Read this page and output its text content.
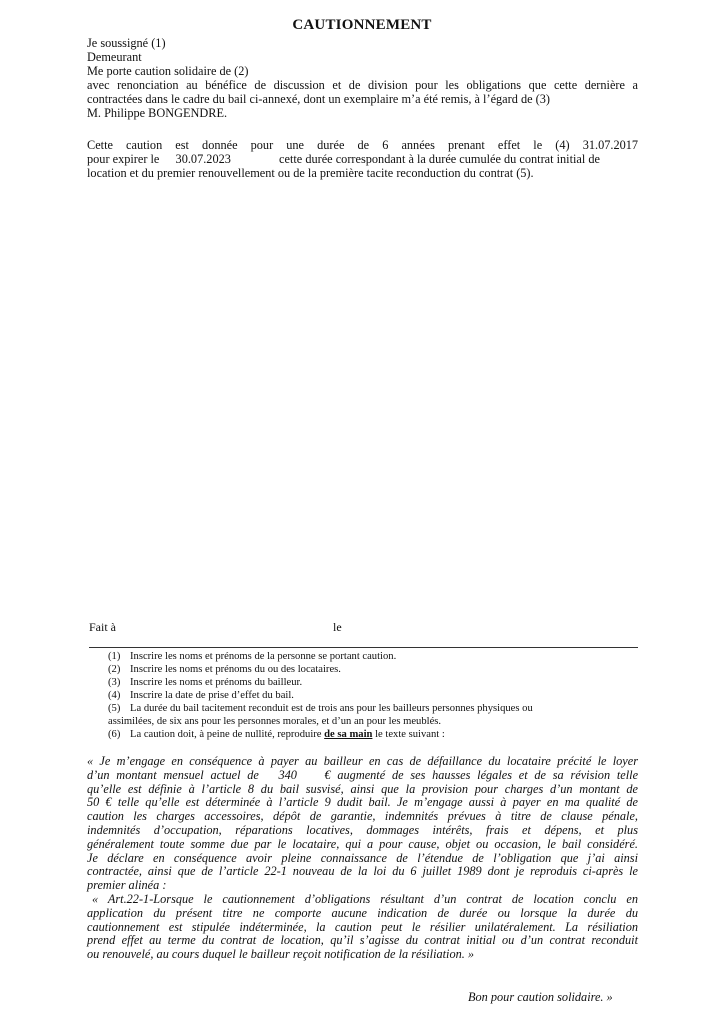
CAUTIONNEMENT
Je soussigné (1)
Demeurant
Me porte caution solidaire de (2)
avec renonciation au bénéfice de discussion et de division pour les obligations que cette dernière a
contractées dans le cadre du bail ci-annexé, dont un exemplaire m’a été remis, à l’égard de (3)
M. Philippe BONGENDRE.
Cette caution est donnée pour une durée de 6 années prenant effet le (4) 31.07.2017
pour expirer le 30.07.2023	cette durée correspondant à la durée cumulée du contrat initial de
location et du premier renouvellement ou de la première tacite reconduction du contrat (5).
Fait à	le
(1) Inscrire les noms et prénoms de la personne se portant caution.
(2) Inscrire les noms et prénoms du ou des locataires.
(3) Inscrire les noms et prénoms du bailleur.
(4) Inscrire la date de prise d’effet du bail.
(5) La durée du bail tacitement reconduit est de trois ans pour les bailleurs personnes physiques ou
assimilées, de six ans pour les personnes morales, et d’un an pour les meublés.
(6) La caution doit, à peine de nullité, reproduire de sa main le texte suivant :
« Je m’engage en conséquence à payer au bailleur en cas de défaillance du locataire précité le loyer
d’un montant mensuel actuel de 340 € augmenté de ses hausses légales et de sa révision telle
qu’elle est définie à l’article 8 du bail susvisé, ainsi que la provision pour charges d’un montant de
50 € telle qu’elle est déterminée à l’article 9 dudit bail. Je m’engage aussi à payer en ma qualité de
caution les charges accessoires, dépôt de garantie, indemnités prévues à titre de clause pénale,
indemnités d’occupation, réparations locatives, dommages intérêts, frais et dépens, et plus
généralement toute somme due par le locataire, qui a pour cause, objet ou occasion, le bail considéré.
Je déclare en conséquence avoir pleine connaissance de l’étendue de l’obligation que j’ai ainsi
contractée, ainsi que de l’article 22-1 nouveau de la loi du 6 juillet 1989 dont je reproduis ci-après le
premier alinéa :
« Art.22-1-Lorsque le cautionnement d’obligations résultant d’un contrat de location conclu en
application du présent titre ne comporte aucune indication de durée ou lorsque la durée du
cautionnement est stipulée indéterminée, la caution peut le résilier unilatéralement. La résiliation
prend effet au terme du contrat de location, qu’il s’agisse du contrat initial ou d’un contrat reconduit
ou renouvelé, au cours duquel le bailleur reçoit notification de la résiliation. »
Bon pour caution solidaire. »
